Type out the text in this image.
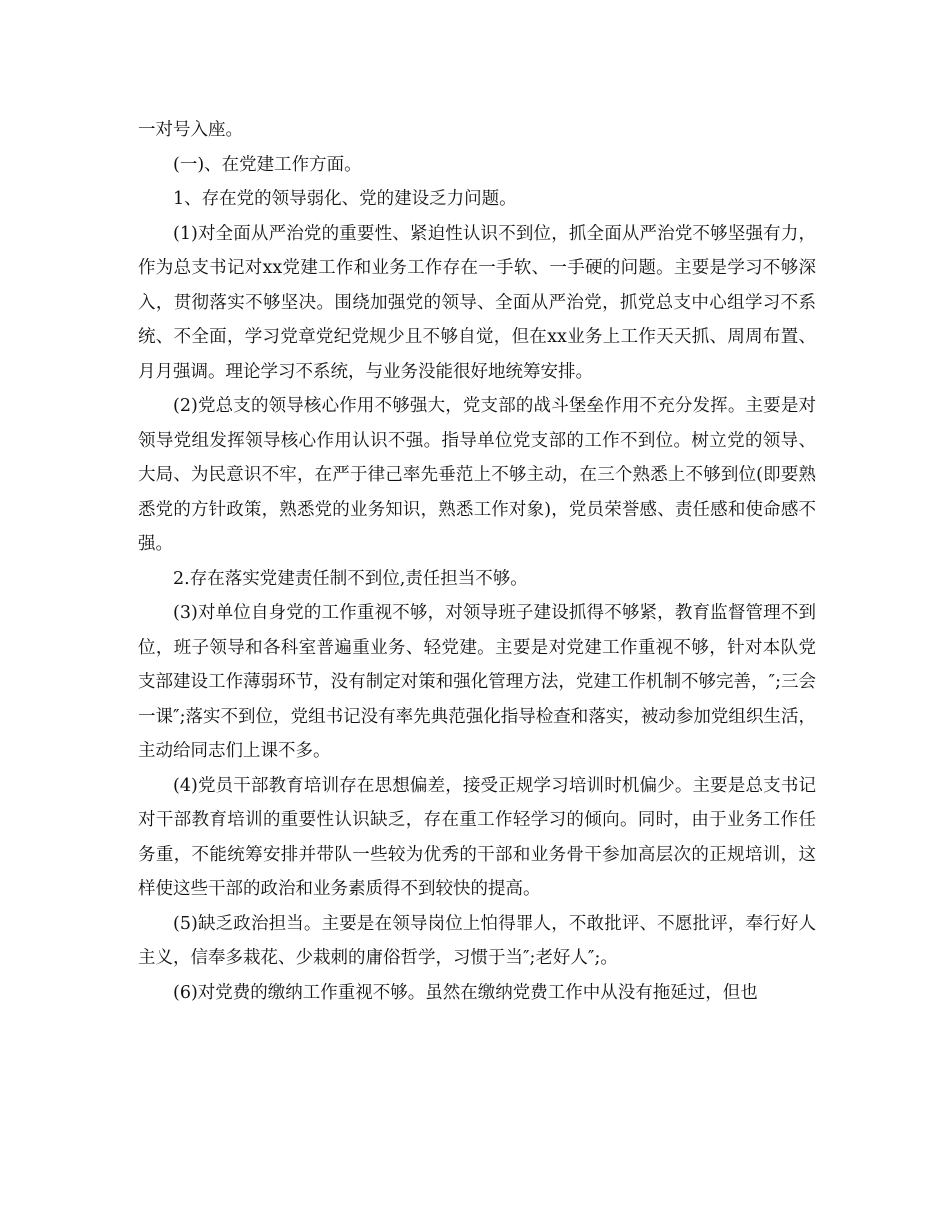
一对号入座。

(一)、在党建工作方面。

1、存在党的领导弱化、党的建设乏力问题。

(1)对全面从严治党的重要性、紧迫性认识不到位，抓全面从严治党不够坚强有力，作为总支书记对xx党建工作和业务工作存在一手软、一手硬的问题。主要是学习不够深入，贯彻落实不够坚决。围绕加强党的领导、全面从严治党，抓党总支中心组学习不系统、不全面，学习党章党纪党规少且不够自觉，但在xx业务上工作天天抓、周周布置、月月强调。理论学习不系统，与业务没能很好地统筹安排。

(2)党总支的领导核心作用不够强大，党支部的战斗堡垒作用不充分发挥。主要是对领导党组发挥领导核心作用认识不强。指导单位党支部的工作不到位。树立党的领导、大局、为民意识不牢，在严于律己率先垂范上不够主动，在三个熟悉上不够到位(即要熟悉党的方针政策，熟悉党的业务知识，熟悉工作对象)，党员荣誉感、责任感和使命感不强。

2.存在落实党建责任制不到位,责任担当不够。

(3)对单位自身党的工作重视不够，对领导班子建设抓得不够紧，教育监督管理不到位，班子领导和各科室普遍重业务、轻党建。主要是对党建工作重视不够，针对本队党支部建设工作薄弱环节，没有制定对策和强化管理方法，党建工作机制不够完善，″;三会一课″;落实不到位，党组书记没有率先典范强化指导检查和落实，被动参加党组织生活，主动给同志们上课不多。

(4)党员干部教育培训存在思想偏差，接受正规学习培训时机偏少。主要是总支书记对干部教育培训的重要性认识缺乏，存在重工作轻学习的倾向。同时，由于业务工作任务重，不能统筹安排并带队一些较为优秀的干部和业务骨干参加高层次的正规培训，这样使这些干部的政治和业务素质得不到较快的提高。

(5)缺乏政治担当。主要是在领导岗位上怕得罪人，不敢批评、不愿批评，奉行好人主义，信奉多栽花、少栽刺的庸俗哲学，习惯于当″;老好人″;。

(6)对党费的缴纳工作重视不够。虽然在缴纳党费工作中从没有拖延过，但也
